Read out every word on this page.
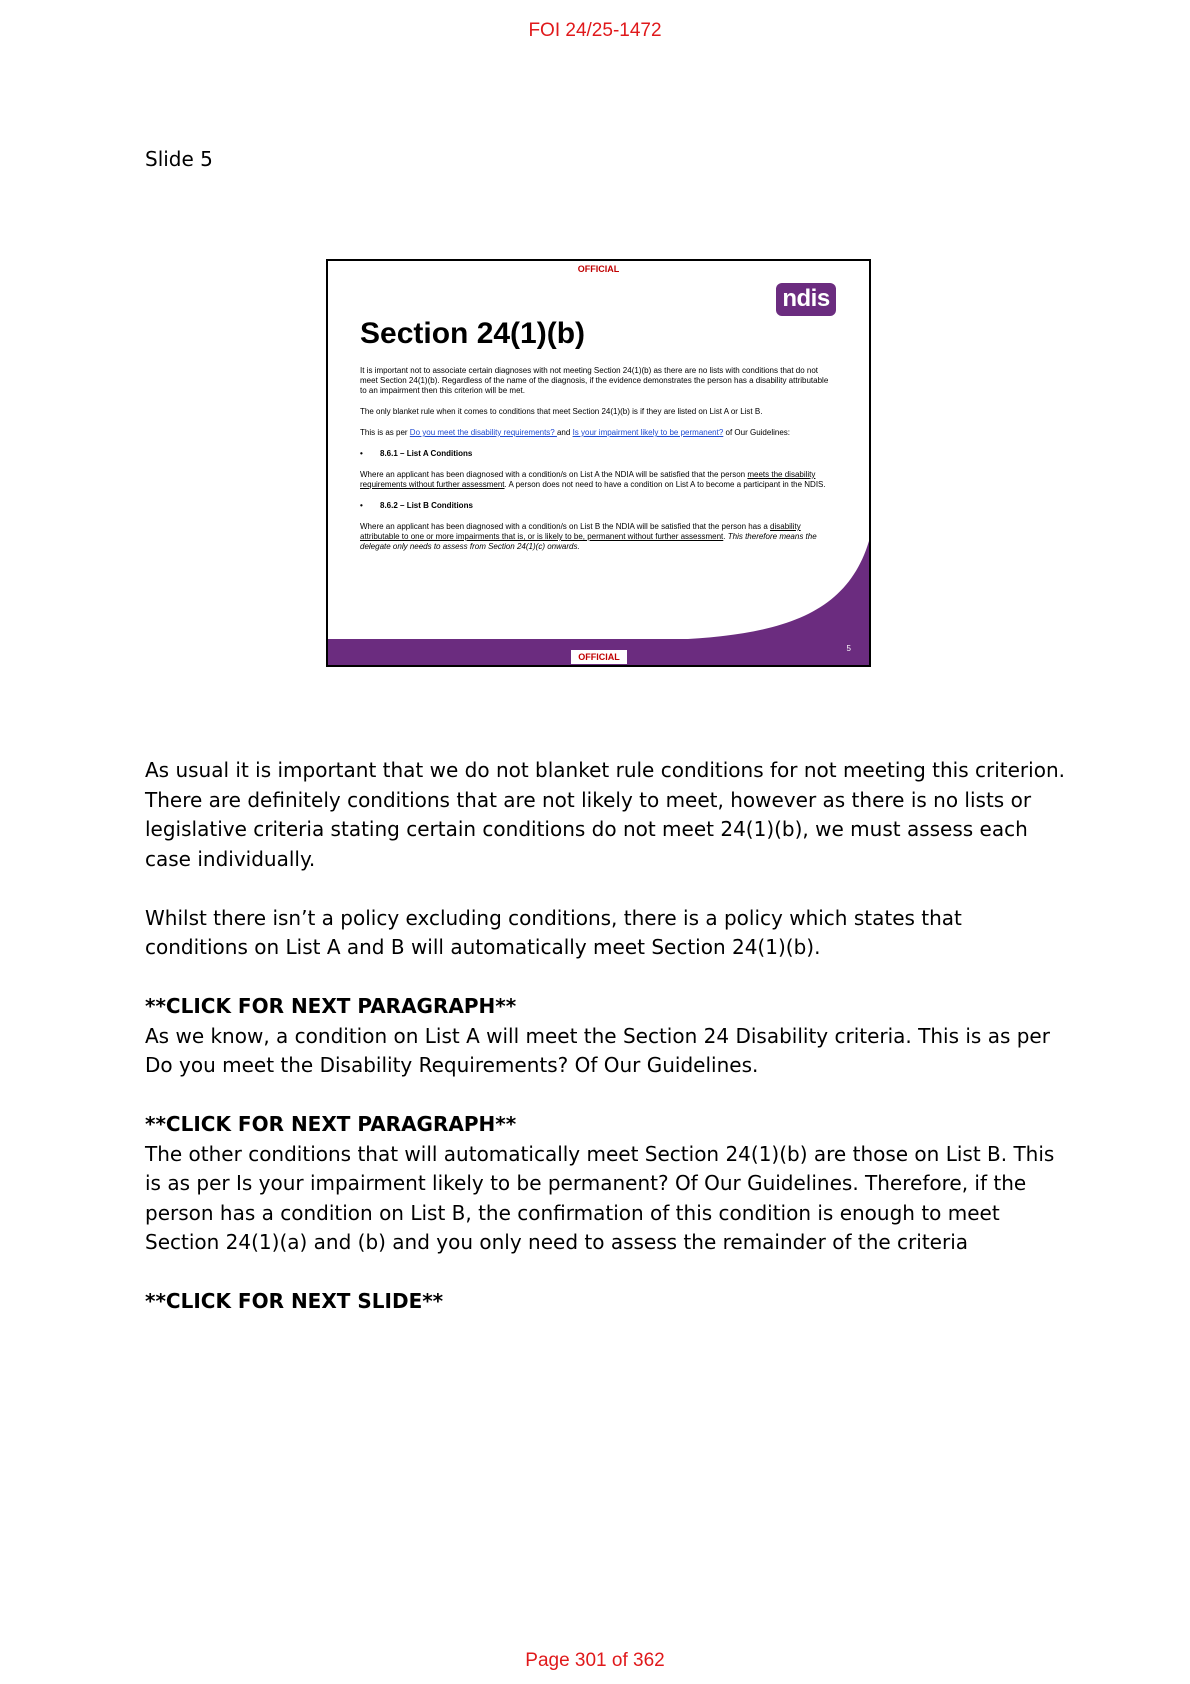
FOI 24/25-1472
Slide 5
OFFICIAL
ndis
Section 24(1)(b)

It is important not to associate certain diagnoses with not meeting Section 24(1)(b) as there are no lists with conditions that do not meet Section 24(1)(b). Regardless of the name of the diagnosis, if the evidence demonstrates the person has a disability attributable to an impairment then this criterion will be met.

The only blanket rule when it comes to conditions that meet Section 24(1)(b) is if they are listed on List A or List B.

This is as per Do you meet the disability requirements? and Is your impairment likely to be permanent? of Our Guidelines:

• 8.6.1 – List A Conditions

Where an applicant has been diagnosed with a condition/s on List A the NDIA will be satisfied that the person meets the disability requirements without further assessment. A person does not need to have a condition on List A to become a participant in the NDIS.

• 8.6.2 – List B Conditions

Where an applicant has been diagnosed with a condition/s on List B the NDIA will be satisfied that the person has a disability attributable to one or more impairments that is, or is likely to be, permanent without further assessment. This therefore means the delegate only needs to assess from Section 24(1)(c) onwards.

OFFICIAL
5

As usual it is important that we do not blanket rule conditions for not meeting this criterion. There are definitely conditions that are not likely to meet, however as there is no lists or legislative criteria stating certain conditions do not meet 24(1)(b), we must assess each case individually.

Whilst there isn’t a policy excluding conditions, there is a policy which states that conditions on List A and B will automatically meet Section 24(1)(b).

**CLICK FOR NEXT PARAGRAPH**
As we know, a condition on List A will meet the Section 24 Disability criteria. This is as per Do you meet the Disability Requirements? Of Our Guidelines.

**CLICK FOR NEXT PARAGRAPH**
The other conditions that will automatically meet Section 24(1)(b) are those on List B. This is as per Is your impairment likely to be permanent? Of Our Guidelines. Therefore, if the person has a condition on List B, the confirmation of this condition is enough to meet Section 24(1)(a) and (b) and you only need to assess the remainder of the criteria

**CLICK FOR NEXT SLIDE**

Page 301 of 362
